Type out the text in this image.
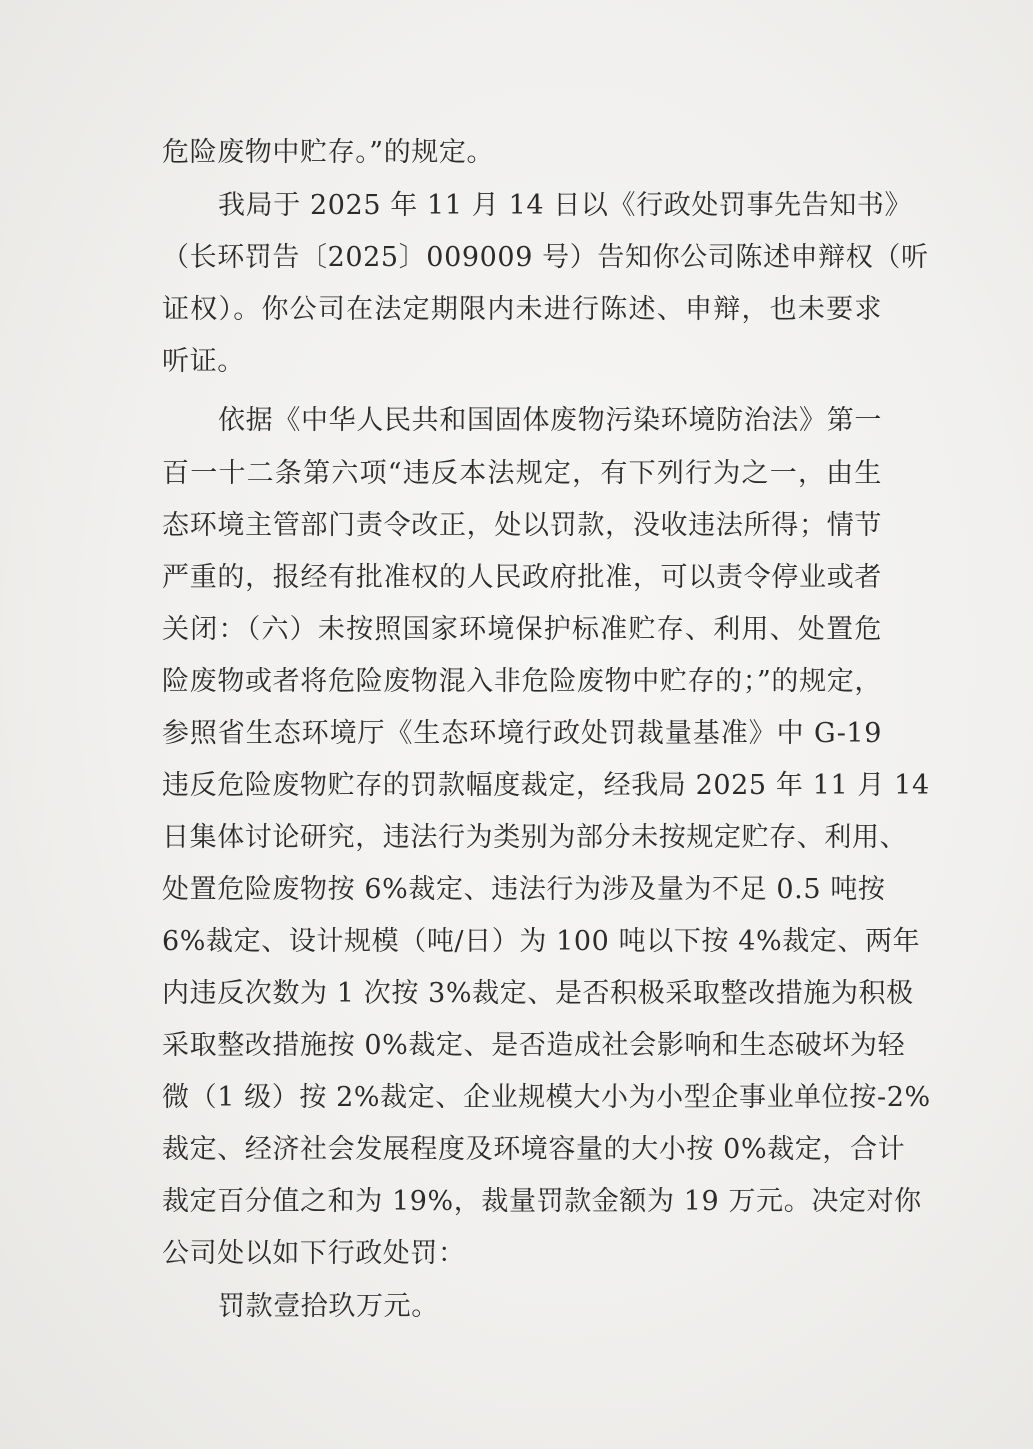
危险废物中贮存。”的规定。
我局于 2025 年 11 月 14 日以《行政处罚事先告知书》
（长环罚告〔2025〕009009 号）告知你公司陈述申辩权（听
证权）。你公司在法定期限内未进行陈述、申辩，也未要求
听证。
依据《中华人民共和国固体废物污染环境防治法》第一
百一十二条第六项“违反本法规定，有下列行为之一，由生
态环境主管部门责令改正，处以罚款，没收违法所得；情节
严重的，报经有批准权的人民政府批准，可以责令停业或者
关闭：（六）未按照国家环境保护标准贮存、利用、处置危
险废物或者将危险废物混入非危险废物中贮存的；”的规定，
参照省生态环境厅《生态环境行政处罚裁量基准》中 G-19
违反危险废物贮存的罚款幅度裁定，经我局 2025 年 11 月 14
日集体讨论研究，违法行为类别为部分未按规定贮存、利用、
处置危险废物按 6%裁定、违法行为涉及量为不足 0.5 吨按
6%裁定、设计规模（吨/日）为 100 吨以下按 4%裁定、两年
内违反次数为 1 次按 3%裁定、是否积极采取整改措施为积极
采取整改措施按 0%裁定、是否造成社会影响和生态破坏为轻
微（1 级）按 2%裁定、企业规模大小为小型企事业单位按-2%
裁定、经济社会发展程度及环境容量的大小按 0%裁定，合计
裁定百分值之和为 19%，裁量罚款金额为 19 万元。决定对你
公司处以如下行政处罚：
罚款壹拾玖万元。
